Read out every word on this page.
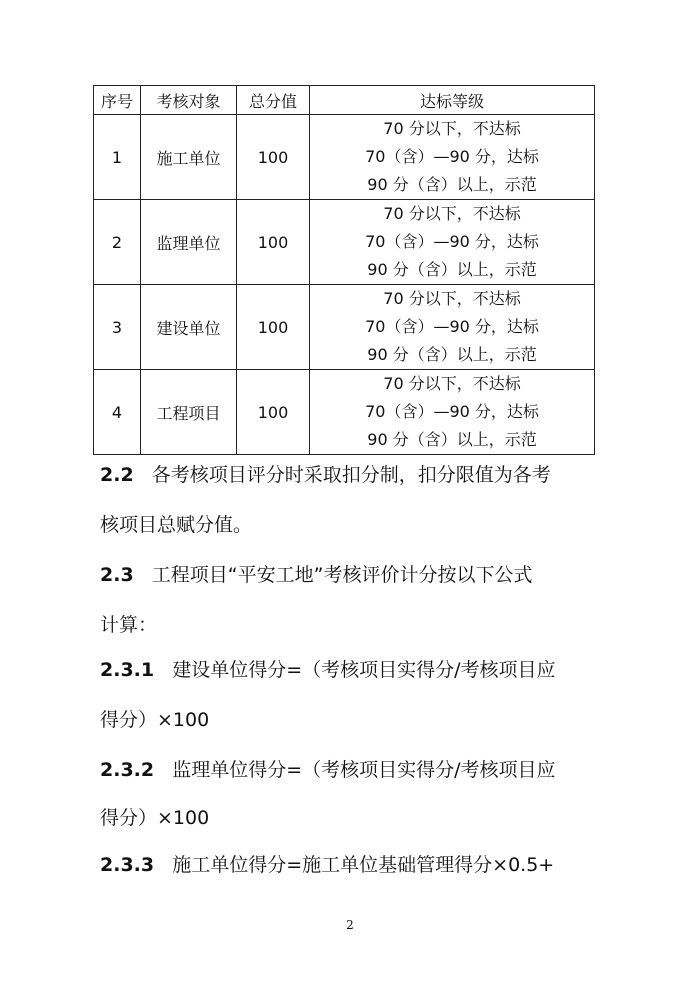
序号	考核对象	总分值	达标等级
1	施工单位	100	70 分以下，不达标
70（含）—90 分，达标
90 分（含）以上，示范

2	监理单位	100	70 分以下，不达标
70（含）—90 分，达标
90 分（含）以上，示范

3	建设单位	100	70 分以下，不达标
70（含）—90 分，达标
90 分（含）以上，示范

4	工程项目	100	70 分以下，不达标
70（含）—90 分，达标
90 分（含）以上，示范

2.2 各考核项目评分时采取扣分制，扣分限值为各考

核项目总赋分值。

2.3 工程项目“平安工地”考核评价计分按以下公式

计算：

2.3.1 建设单位得分=（考核项目实得分/考核项目应

得分）×100

2.3.2 监理单位得分=（考核项目实得分/考核项目应

得分）×100

2.3.3 施工单位得分=施工单位基础管理得分×0.5+

2
